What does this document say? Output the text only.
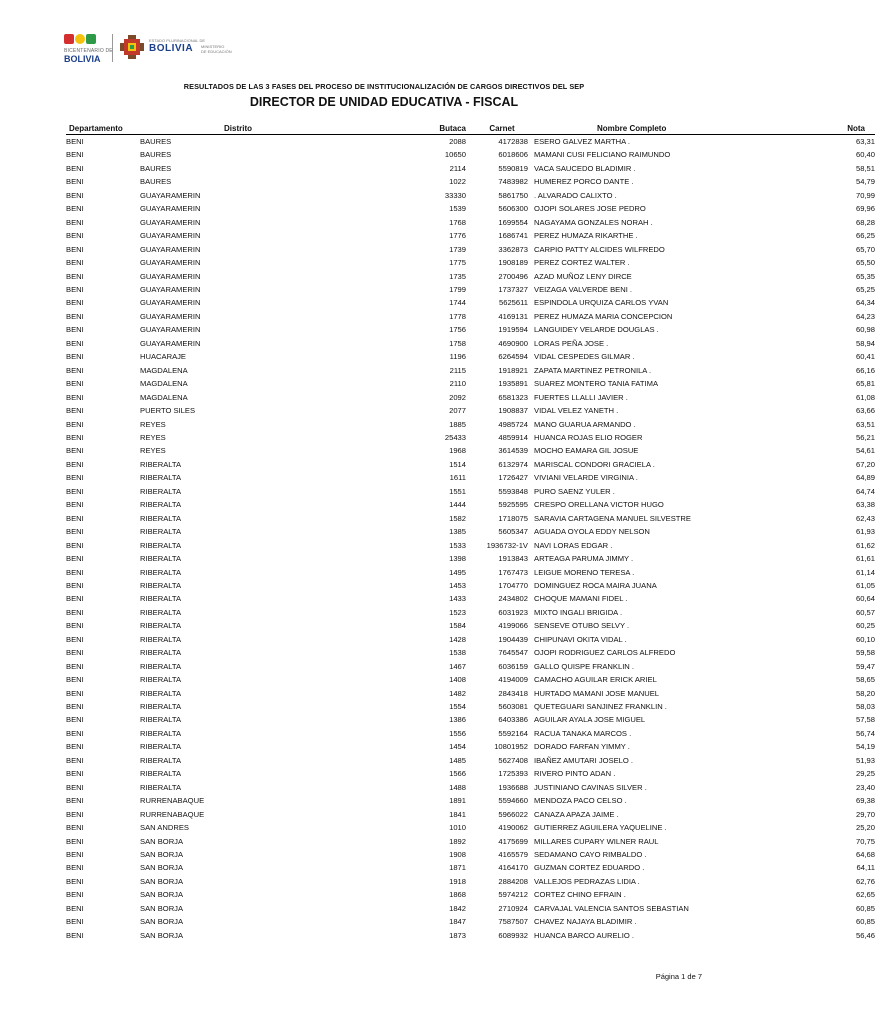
BICENTENARIO DE
BOLIVIA
ESTADO PLURINACIONAL DE
BOLIVIA MINISTERIO
DE EDUCACIÓN
RESULTADOS DE LAS 3 FASES DEL PROCESO DE INSTITUCIONALIZACIÓN DE CARGOS DIRECTIVOS DEL SEP
DIRECTOR DE UNIDAD EDUCATIVA - FISCAL
Departamento	Distrito	Butaca	Carnet	Nombre Completo	Nota
BENI	BAURES	2088	4172838	ESERO GALVEZ MARTHA .	63,31
BENI	BAURES	10650	6018606	MAMANI CUSI FELICIANO RAIMUNDO	60,40
BENI	BAURES	2114	5590819	VACA SAUCEDO BLADIMIR .	58,51
BENI	BAURES	1022	7483982	HUMEREZ PORCO DANTE .	54,79
BENI	GUAYARAMERIN	33330	5861750	. ALVARADO CALIXTO .	70,99
BENI	GUAYARAMERIN	1539	5606300	OJOPI SOLARES JOSE PEDRO	69,96
BENI	GUAYARAMERIN	1768	1699554	NAGAYAMA GONZALES NORAH .	68,28
BENI	GUAYARAMERIN	1776	1686741	PEREZ HUMAZA RIKARTHE .	66,25
BENI	GUAYARAMERIN	1739	3362873	CARPIO PATTY ALCIDES WILFREDO	65,70
BENI	GUAYARAMERIN	1775	1908189	PEREZ CORTEZ WALTER .	65,50
BENI	GUAYARAMERIN	1735	2700496	AZAD MUÑOZ LENY DIRCE	65,35
BENI	GUAYARAMERIN	1799	1737327	VEIZAGA VALVERDE BENI .	65,25
BENI	GUAYARAMERIN	1744	5625611	ESPINDOLA URQUIZA CARLOS YVAN	64,34
BENI	GUAYARAMERIN	1778	4169131	PEREZ HUMAZA MARIA CONCEPCION	64,23
BENI	GUAYARAMERIN	1756	1919594	LANGUIDEY VELARDE DOUGLAS .	60,98
BENI	GUAYARAMERIN	1758	4690900	LORAS PEÑA JOSE .	58,94
BENI	HUACARAJE	1196	6264594	VIDAL CESPEDES GILMAR .	60,41
BENI	MAGDALENA	2115	1918921	ZAPATA MARTINEZ PETRONILA .	66,16
BENI	MAGDALENA	2110	1935891	SUAREZ MONTERO TANIA FATIMA	65,81
BENI	MAGDALENA	2092	6581323	FUERTES LLALLI JAVIER .	61,08
BENI	PUERTO SILES	2077	1908837	VIDAL VELEZ YANETH .	63,66
BENI	REYES	1885	4985724	MANO GUARUA ARMANDO .	63,51
BENI	REYES	25433	4859914	HUANCA ROJAS ELIO ROGER	56,21
BENI	REYES	1968	3614539	MOCHO EAMARA GIL JOSUE	54,61
BENI	RIBERALTA	1514	6132974	MARISCAL CONDORI GRACIELA .	67,20
BENI	RIBERALTA	1611	1726427	VIVIANI VELARDE VIRGINIA .	64,89
BENI	RIBERALTA	1551	5593848	PURO SAENZ YULER .	64,74
BENI	RIBERALTA	1444	5925595	CRESPO ORELLANA VICTOR HUGO	63,38
BENI	RIBERALTA	1582	1718075	SARAVIA CARTAGENA MANUEL SILVESTRE	62,43
BENI	RIBERALTA	1385	5605347	AGUADA OYOLA EDDY NELSON	61,93
BENI	RIBERALTA	1533	1936732-1V	NAVI LORAS EDGAR .	61,62
BENI	RIBERALTA	1398	1913843	ARTEAGA PARUMA JIMMY .	61,61
BENI	RIBERALTA	1495	1767473	LEIGUE MORENO TERESA .	61,14
BENI	RIBERALTA	1453	1704770	DOMINGUEZ ROCA MAIRA JUANA	61,05
BENI	RIBERALTA	1433	2434802	CHOQUE MAMANI FIDEL .	60,64
BENI	RIBERALTA	1523	6031923	MIXTO INGALI BRIGIDA .	60,57
BENI	RIBERALTA	1584	4199066	SENSEVE OTUBO SELVY .	60,25
BENI	RIBERALTA	1428	1904439	CHIPUNAVI OKITA VIDAL .	60,10
BENI	RIBERALTA	1538	7645547	OJOPI RODRIGUEZ CARLOS ALFREDO	59,58
BENI	RIBERALTA	1467	6036159	GALLO QUISPE FRANKLIN .	59,47
BENI	RIBERALTA	1408	4194009	CAMACHO AGUILAR ERICK ARIEL	58,65
BENI	RIBERALTA	1482	2843418	HURTADO MAMANI JOSE MANUEL	58,20
BENI	RIBERALTA	1554	5603081	QUETEGUARI SANJINEZ FRANKLIN .	58,03
BENI	RIBERALTA	1386	6403386	AGUILAR AYALA JOSE MIGUEL	57,58
BENI	RIBERALTA	1556	5592164	RACUA TANAKA MARCOS .	56,74
BENI	RIBERALTA	1454	10801952	DORADO FARFAN YIMMY .	54,19
BENI	RIBERALTA	1485	5627408	IBAÑEZ AMUTARI JOSELO .	51,93
BENI	RIBERALTA	1566	1725393	RIVERO PINTO ADAN .	29,25
BENI	RIBERALTA	1488	1936688	JUSTINIANO CAVINAS SILVER .	23,40
BENI	RURRENABAQUE	1891	5594660	MENDOZA PACO CELSO .	69,38
BENI	RURRENABAQUE	1841	5966022	CANAZA APAZA JAIME .	29,70
BENI	SAN ANDRES	1010	4190062	GUTIERREZ AGUILERA YAQUELINE .	25,20
BENI	SAN BORJA	1892	4175699	MILLARES CUPARY WILNER RAUL	70,75
BENI	SAN BORJA	1908	4165579	SEDAMANO CAYO RIMBALDO .	64,68
BENI	SAN BORJA	1871	4164170	GUZMAN CORTEZ EDUARDO .	64,11
BENI	SAN BORJA	1918	2884208	VALLEJOS PEDRAZAS LIDIA .	62,76
BENI	SAN BORJA	1868	5974212	CORTEZ CHINO EFRAIN .	62,65
BENI	SAN BORJA	1842	2710924	CARVAJAL VALENCIA SANTOS SEBASTIAN	60,85
BENI	SAN BORJA	1847	7587507	CHAVEZ NAJAYA BLADIMIR .	60,85
BENI	SAN BORJA	1873	6089932	HUANCA BARCO AURELIO .	56,46
Página 1 de 7
